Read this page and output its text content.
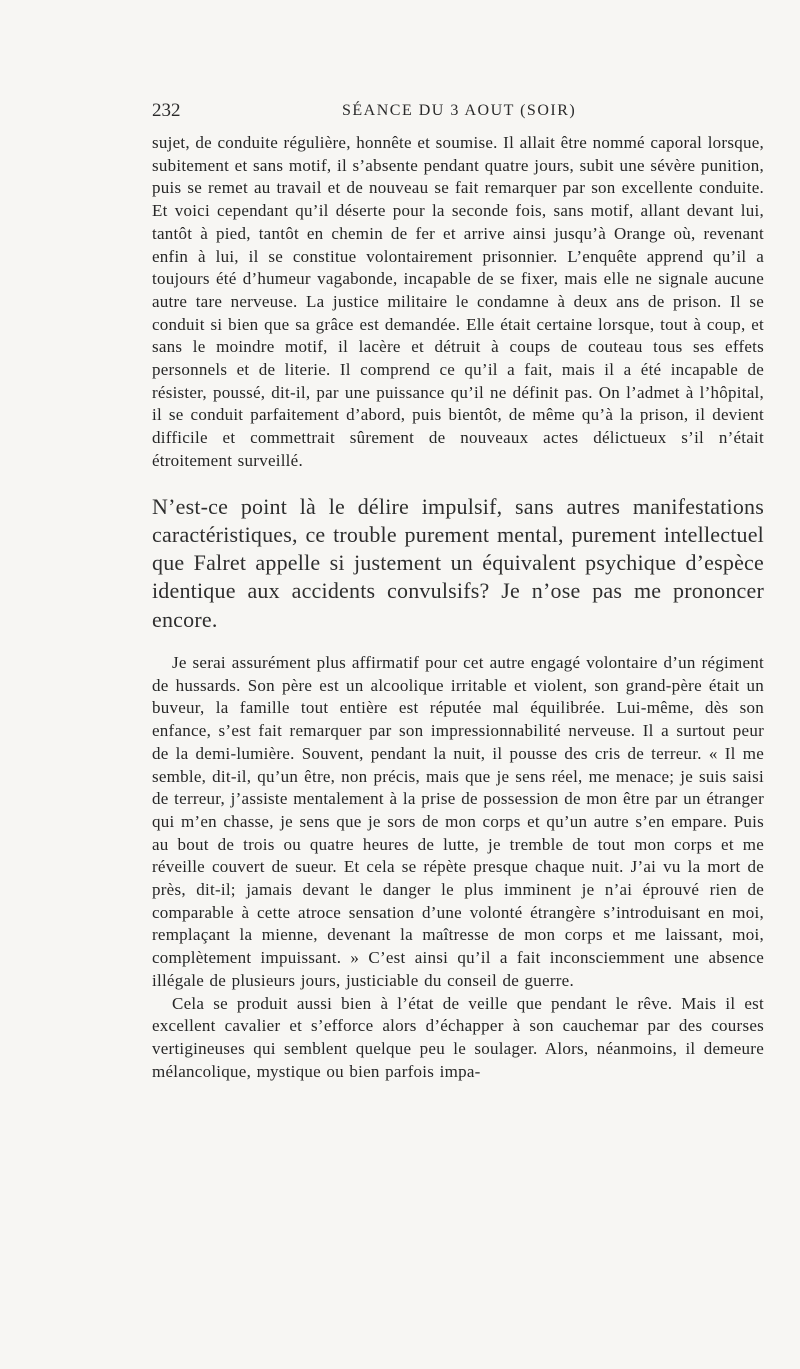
232	SÉANCE DU 3 AOUT (SOIR)

sujet, de conduite régulière, honnête et soumise. Il allait être nommé caporal lorsque, subitement et sans motif, il s’absente pendant quatre jours, subit une sévère punition, puis se remet au travail et de nouveau se fait remarquer par son excellente conduite. Et voici cependant qu’il déserte pour la seconde fois, sans motif, allant devant lui, tantôt à pied, tantôt en chemin de fer et arrive ainsi jusqu’à Orange où, revenant enfin à lui, il se constitue volontairement prisonnier. L’enquête apprend qu’il a toujours été d’humeur vagabonde, incapable de se fixer, mais elle ne signale aucune autre tare nerveuse. La justice militaire le condamne à deux ans de prison. Il se conduit si bien que sa grâce est demandée. Elle était certaine lorsque, tout à coup, et sans le moindre motif, il lacère et détruit à coups de couteau tous ses effets personnels et de literie. Il comprend ce qu’il a fait, mais il a été incapable de résister, poussé, dit-il, par une puissance qu’il ne définit pas. On l’admet à l’hôpital, il se conduit parfaitement d’abord, puis bientôt, de même qu’à la prison, il devient difficile et commettrait sûrement de nouveaux actes délictueux s’il n’était étroitement surveillé.

N’est-ce point là le délire impulsif, sans autres manifestations caractéristiques, ce trouble purement mental, purement intellectuel que Falret appelle si justement un équivalent psychique d’espèce identique aux accidents convulsifs? Je n’ose pas me prononcer encore.

Je serai assurément plus affirmatif pour cet autre engagé volontaire d’un régiment de hussards. Son père est un alcoolique irritable et violent, son grand-père était un buveur, la famille tout entière est réputée mal équilibrée. Lui-même, dès son enfance, s’est fait remarquer par son impressionnabilité nerveuse. Il a surtout peur de la demi-lumière. Souvent, pendant la nuit, il pousse des cris de terreur. « Il me semble, dit-il, qu’un être, non précis, mais que je sens réel, me menace; je suis saisi de terreur, j’assiste mentalement à la prise de possession de mon être par un étranger qui m’en chasse, je sens que je sors de mon corps et qu’un autre s’en empare. Puis au bout de trois ou quatre heures de lutte, je tremble de tout mon corps et me réveille couvert de sueur. Et cela se répète presque chaque nuit. J’ai vu la mort de près, dit-il; jamais devant le danger le plus imminent je n’ai éprouvé rien de comparable à cette atroce sensation d’une volonté étrangère s’introduisant en moi, remplaçant la mienne, devenant la maîtresse de mon corps et me laissant, moi, complètement impuissant. » C’est ainsi qu’il a fait inconsciemment une absence illégale de plusieurs jours, justiciable du conseil de guerre.

Cela se produit aussi bien à l’état de veille que pendant le rêve. Mais il est excellent cavalier et s’efforce alors d’échapper à son cauchemar par des courses vertigineuses qui semblent quelque peu le soulager. Alors, néanmoins, il demeure mélancolique, mystique ou bien parfois impa-
